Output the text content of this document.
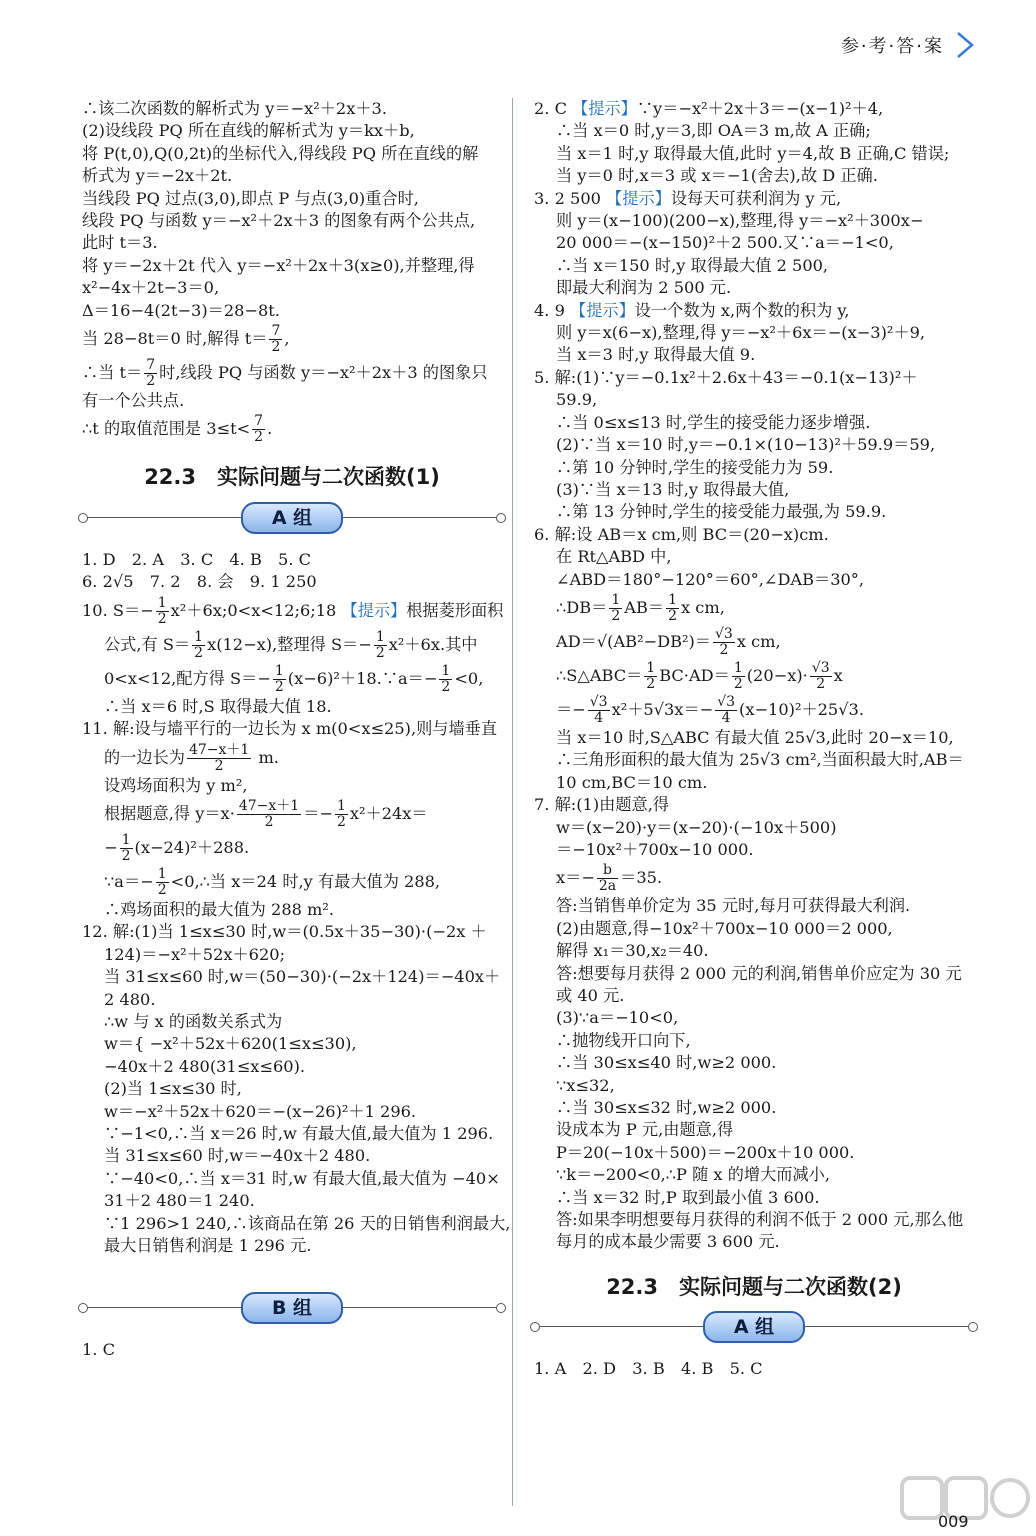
参·考·答·案
∴该二次函数的解析式为 y＝−x²＋2x＋3.
(2)设线段 PQ 所在直线的解析式为 y＝kx＋b,
将 P(t,0),Q(0,2t)的坐标代入,得线段 PQ 所在直线的解
析式为 y＝−2x＋2t.
当线段 PQ 过点(3,0),即点 P 与点(3,0)重合时,
线段 PQ 与函数 y＝−x²＋2x＋3 的图象有两个公共点,
此时 t＝3.
将 y＝−2x＋2t 代入 y＝−x²＋2x＋3(x≥0),并整理,得
x²−4x＋2t−3＝0,
Δ＝16−4(2t−3)＝28−8t.
当 28−8t＝0 时,解得 $t= \frac{7}{2}$ ,
∴当 $t= \frac{7}{2}$ 时,线段 PQ 与函数 y＝−x²＋2x＋3 的图象只
有一个公共点.
∴t 的取值范围是 $3\le t< \frac{7}{2}$ .
22.3　实际问题与二次函数(1)
A 组
1. D　2. A　3. C　4. B　5. C
6. 2√5　7. 2　8. 会　9. 1 250
10. $S=- \frac{1}{2}$ x²＋6x;0<x<12;6;18 【提示】根据菱形面积
公式,有 $S= \frac{1}{2} x(12-x)$,整理得 $S=- \frac{1}{2} x^2+6x$.其中
0<x<12,配方得 $S=- \frac{1}{2}$ (x−6)²＋18.∵a＝− $\frac{1}{2} <0$,
∴当 x＝6 时,S 取得最大值 18.
11. 解:设与墙平行的一边长为 x m(0<x≤25),则与墙垂直
的一边长为 $\frac{47-x+1}{2} m$.
设鸡场面积为 y m²,
根据题意,得 $y=x\cdot \frac{47-x+1}{2} =- \frac{1}{2} x^2+24x=$
− $\frac{1}{2} (x-24)^2+288$.
∵a＝− $\frac{1}{2}$ <0,∴当 x＝24 时,y 有最大值为 288,
∴鸡场面积的最大值为 288 m².
12. 解:(1)当 1≤x≤30 时,w＝(0.5x＋35−30)·(−2x ＋
124)＝−x²＋52x＋620;
当 31≤x≤60 时,w＝(50−30)·(−2x＋124)＝−40x＋
2 480.
∴w 与 x 的函数关系式为
w＝{ −x²＋52x＋620(1≤x≤30),
−40x＋2 480(31≤x≤60).
(2)当 1≤x≤30 时,
w＝−x²＋52x＋620＝−(x−26)²＋1 296.
∵−1<0,∴当 x＝26 时,w 有最大值,最大值为 1 296.
当 31≤x≤60 时,w＝−40x＋2 480.
∵−40<0,∴当 x＝31 时,w 有最大值,最大值为 −40×
31＋2 480＝1 240.
∵1 296>1 240,∴该商品在第 26 天的日销售利润最大,
最大日销售利润是 1 296 元.
B 组
1. C
2. C 【提示】∵y＝−x²＋2x＋3＝−(x−1)²＋4,
∴当 x＝0 时,y＝3,即 OA＝3 m,故 A 正确;
当 x＝1 时,y 取得最大值,此时 y＝4,故 B 正确,C 错误;
当 y＝0 时,x＝3 或 x＝−1(舍去),故 D 正确.
3. 2 500 【提示】设每天可获利润为 y 元,
则 y＝(x−100)(200−x),整理,得 y＝−x²＋300x−
20 000＝−(x−150)²＋2 500.又∵a＝−1<0,
∴当 x＝150 时,y 取得最大值 2 500,
即最大利润为 2 500 元.
4. 9 【提示】设一个数为 x,两个数的积为 y,
则 y＝x(6−x),整理,得 y＝−x²＋6x＝−(x−3)²＋9,
当 x＝3 时,y 取得最大值 9.
5. 解:(1)∵y＝−0.1x²＋2.6x＋43＝−0.1(x−13)²＋
59.9,
∴当 0≤x≤13 时,学生的接受能力逐步增强.
(2)∵当 x＝10 时,y＝−0.1×(10−13)²＋59.9＝59,
∴第 10 分钟时,学生的接受能力为 59.
(3)∵当 x＝13 时,y 取得最大值,
∴第 13 分钟时,学生的接受能力最强,为 59.9.
6. 解:设 AB＝x cm,则 BC＝(20−x)cm.
在 Rt△ABD 中,
∠ABD＝180°−120°＝60°,∠DAB＝30°,
∴DB＝ $\frac{1}{2} AB= \frac{1}{2}$ x cm,
$AD=√(AB^2-DB^2)= \frac{√3}{2}$ x cm,
∴S△ABC＝ $\frac{1}{2} BC\cdot AD= \frac{1}{2} (20-x)\cdot \frac{√3}{2}$ x
＝− $\frac{√3}{4} x^2+5√3x=- \frac{√3}{4} (x-10)^2+25√3$.
当 x＝10 时,S△ABC 有最大值 25√3,此时 20−x＝10,
∴三角形面积的最大值为 25√3 cm²,当面积最大时,AB＝
10 cm,BC＝10 cm.
7. 解:(1)由题意,得
w＝(x−20)·y＝(x−20)·(−10x＋500)
＝−10x²＋700x−10 000.
$x=- \frac{b}{2a} =35$.
答:当销售单价定为 35 元时,每月可获得最大利润.
(2)由题意,得−10x²＋700x−10 000＝2 000,
解得 x₁＝30,x₂＝40.
答:想要每月获得 2 000 元的利润,销售单价应定为 30 元
或 40 元.
(3)∵a＝−10<0,
∴抛物线开口向下,
∴当 30≤x≤40 时,w≥2 000.
∵x≤32,
∴当 30≤x≤32 时,w≥2 000.
设成本为 P 元,由题意,得
P＝20(−10x＋500)＝−200x＋10 000.
∵k＝−200<0,∴P 随 x 的增大而减小,
∴当 x＝32 时,P 取到最小值 3 600.
答:如果李明想要每月获得的利润不低于 2 000 元,那么他
每月的成本最少需要 3 600 元.
22.3　实际问题与二次函数(2)
A 组
1. A　2. D　3. B　4. B　5. C
009
